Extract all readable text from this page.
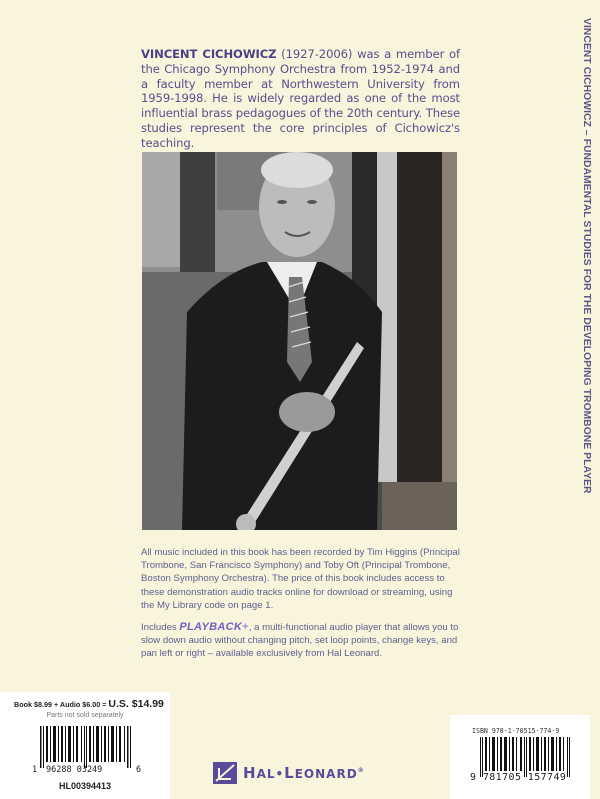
VINCENT CICHOWICZ – FUNDAMENTAL STUDIES FOR THE DEVELOPING TROMBONE PLAYER
VINCENT CICHOWICZ (1927-2006) was a member of the Chicago Symphony Orchestra from 1952-1974 and a faculty member at Northwestern University from 1959-1998. He is widely regarded as one of the most influential brass pedagogues of the 20th century. These studies represent the core principles of Cichowicz's teaching.

All music included in this book has been recorded by Tim Higgins (Principal Trombone, San Francisco Symphony) and Toby Oft (Principal Trombone, Boston Symphony Orchestra). The price of this book includes access to these demonstration audio tracks online for download or streaming, using the My Library code on page 1.

Includes PLAYBACK+, a multi-functional audio player that allows you to slow down audio without changing pitch, set loop points, change keys, and pan left or right – available exclusively from Hal Leonard.

Book $8.99 + Audio $6.00 = U.S. $14.99
Parts not sold separately
1 96288 03249	6
HL00394413
HAL•LEONARD®
ISBN 978-1-70515-774-9
9 781705 157749
